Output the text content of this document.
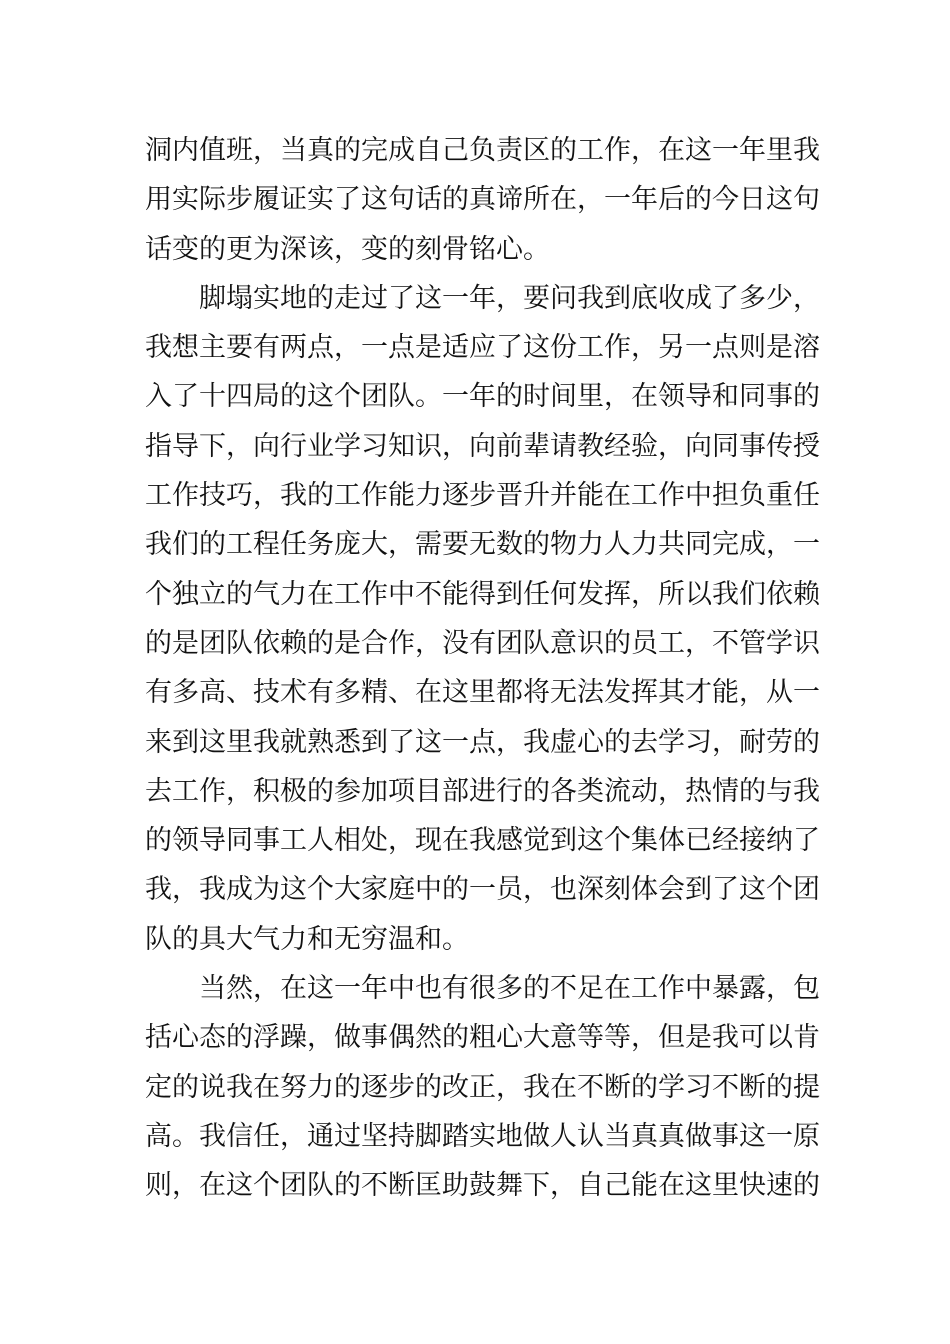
洞内值班，当真的完成自己负责区的工作，在这一年里我
用实际步履证实了这句话的真谛所在，一年后的今日这句
话变的更为深该，变的刻骨铭心。
脚塌实地的走过了这一年，要问我到底收成了多少，
我想主要有两点，一点是适应了这份工作，另一点则是溶
入了十四局的这个团队。一年的时间里，在领导和同事的
指导下，向行业学习知识，向前辈请教经验，向同事传授
工作技巧，我的工作能力逐步晋升并能在工作中担负重任
我们的工程任务庞大，需要无数的物力人力共同完成，一
个独立的气力在工作中不能得到任何发挥，所以我们依赖
的是团队依赖的是合作，没有团队意识的员工，不管学识
有多高、技术有多精、在这里都将无法发挥其才能，从一
来到这里我就熟悉到了这一点，我虚心的去学习，耐劳的
去工作，积极的参加项目部进行的各类流动，热情的与我
的领导同事工人相处，现在我感觉到这个集体已经接纳了
我，我成为这个大家庭中的一员，也深刻体会到了这个团
队的具大气力和无穷温和。
当然，在这一年中也有很多的不足在工作中暴露，包
括心态的浮躁，做事偶然的粗心大意等等，但是我可以肯
定的说我在努力的逐步的改正，我在不断的学习不断的提
高。我信任，通过坚持脚踏实地做人认当真真做事这一原
则，在这个团队的不断匡助鼓舞下，自己能在这里快速的
